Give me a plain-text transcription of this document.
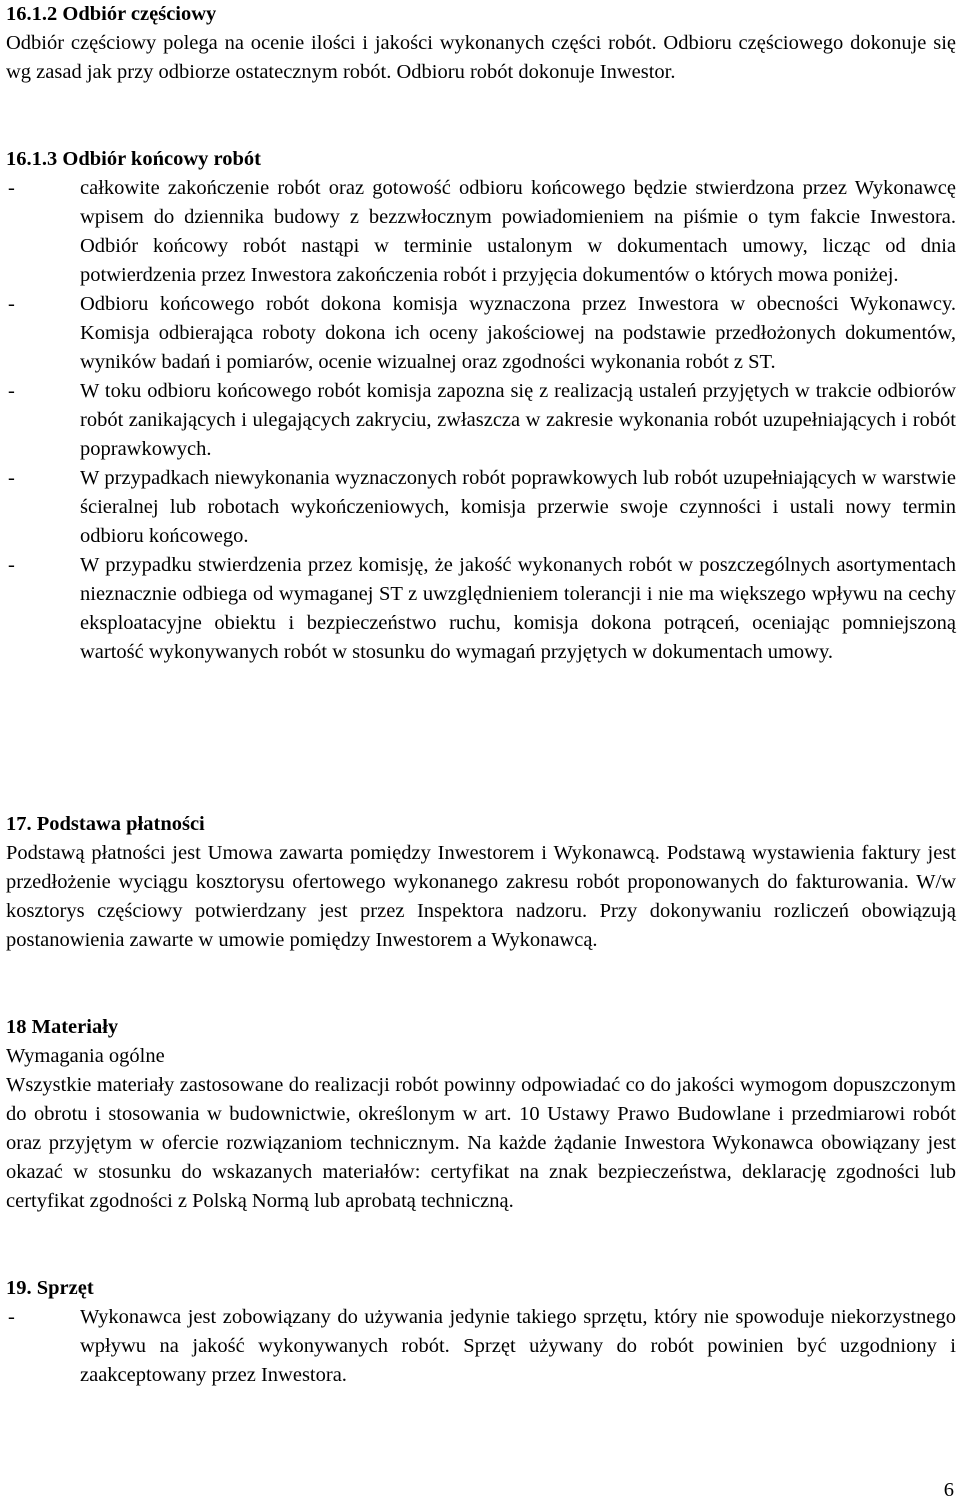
16.1.2 Odbiór częściowy

Odbiór częściowy polega na ocenie ilości i jakości wykonanych części robót. Odbioru częściowego dokonuje się wg zasad jak przy odbiorze ostatecznym robót. Odbioru robót dokonuje Inwestor.

16.1.3 Odbiór końcowy robót

-	całkowite zakończenie robót oraz gotowość odbioru końcowego będzie stwierdzona przez Wykonawcę wpisem do dziennika budowy z bezzwłocznym powiadomieniem na piśmie o tym fakcie Inwestora. Odbiór końcowy robót nastąpi w terminie ustalonym w dokumentach umowy, licząc od dnia potwierdzenia przez Inwestora zakończenia robót i przyjęcia dokumentów o których mowa poniżej.
-	Odbioru końcowego robót dokona komisja wyznaczona przez Inwestora w obecności Wykonawcy. Komisja odbierająca roboty dokona ich oceny jakościowej na podstawie przedłożonych dokumentów, wyników badań i pomiarów, ocenie wizualnej oraz zgodności wykonania robót z ST.
-	W toku odbioru końcowego robót komisja zapozna się z realizacją ustaleń przyjętych w trakcie odbiorów robót zanikających i ulegających zakryciu, zwłaszcza w zakresie wykonania robót uzupełniających i robót poprawkowych.
-	W przypadkach niewykonania wyznaczonych robót poprawkowych lub robót uzupełniających w warstwie ścieralnej lub robotach wykończeniowych, komisja przerwie swoje czynności i ustali nowy termin odbioru końcowego.
-	W przypadku stwierdzenia przez komisję, że jakość wykonanych robót w poszczególnych asortymentach nieznacznie odbiega od wymaganej ST z uwzględnieniem tolerancji i nie ma większego wpływu na cechy eksploatacyjne obiektu i bezpieczeństwo ruchu, komisja dokona potrąceń, oceniając pomniejszoną wartość wykonywanych robót w stosunku do wymagań przyjętych w dokumentach umowy.

17. Podstawa płatności

Podstawą płatności jest Umowa zawarta pomiędzy Inwestorem i Wykonawcą. Podstawą wystawienia faktury jest przedłożenie wyciągu kosztorysu ofertowego wykonanego zakresu robót proponowanych do fakturowania. W/w kosztorys częściowy potwierdzany jest przez Inspektora nadzoru. Przy dokonywaniu rozliczeń obowiązują postanowienia zawarte w umowie pomiędzy Inwestorem a Wykonawcą.

18 Materiały

Wymagania ogólne

Wszystkie materiały zastosowane do realizacji robót powinny odpowiadać co do jakości wymogom dopuszczonym do obrotu i stosowania w budownictwie, określonym w art. 10 Ustawy Prawo Budowlane i przedmiarowi robót oraz przyjętym w ofercie rozwiązaniom technicznym. Na każde żądanie Inwestora Wykonawca obowiązany jest okazać w stosunku do wskazanych materiałów: certyfikat na znak bezpieczeństwa, deklarację zgodności lub certyfikat zgodności z Polską Normą lub aprobatą techniczną.

19. Sprzęt

-	Wykonawca jest zobowiązany do używania jedynie takiego sprzętu, który nie spowoduje niekorzystnego wpływu na jakość wykonywanych robót. Sprzęt używany do robót powinien być uzgodniony i zaakceptowany przez Inwestora.
6
